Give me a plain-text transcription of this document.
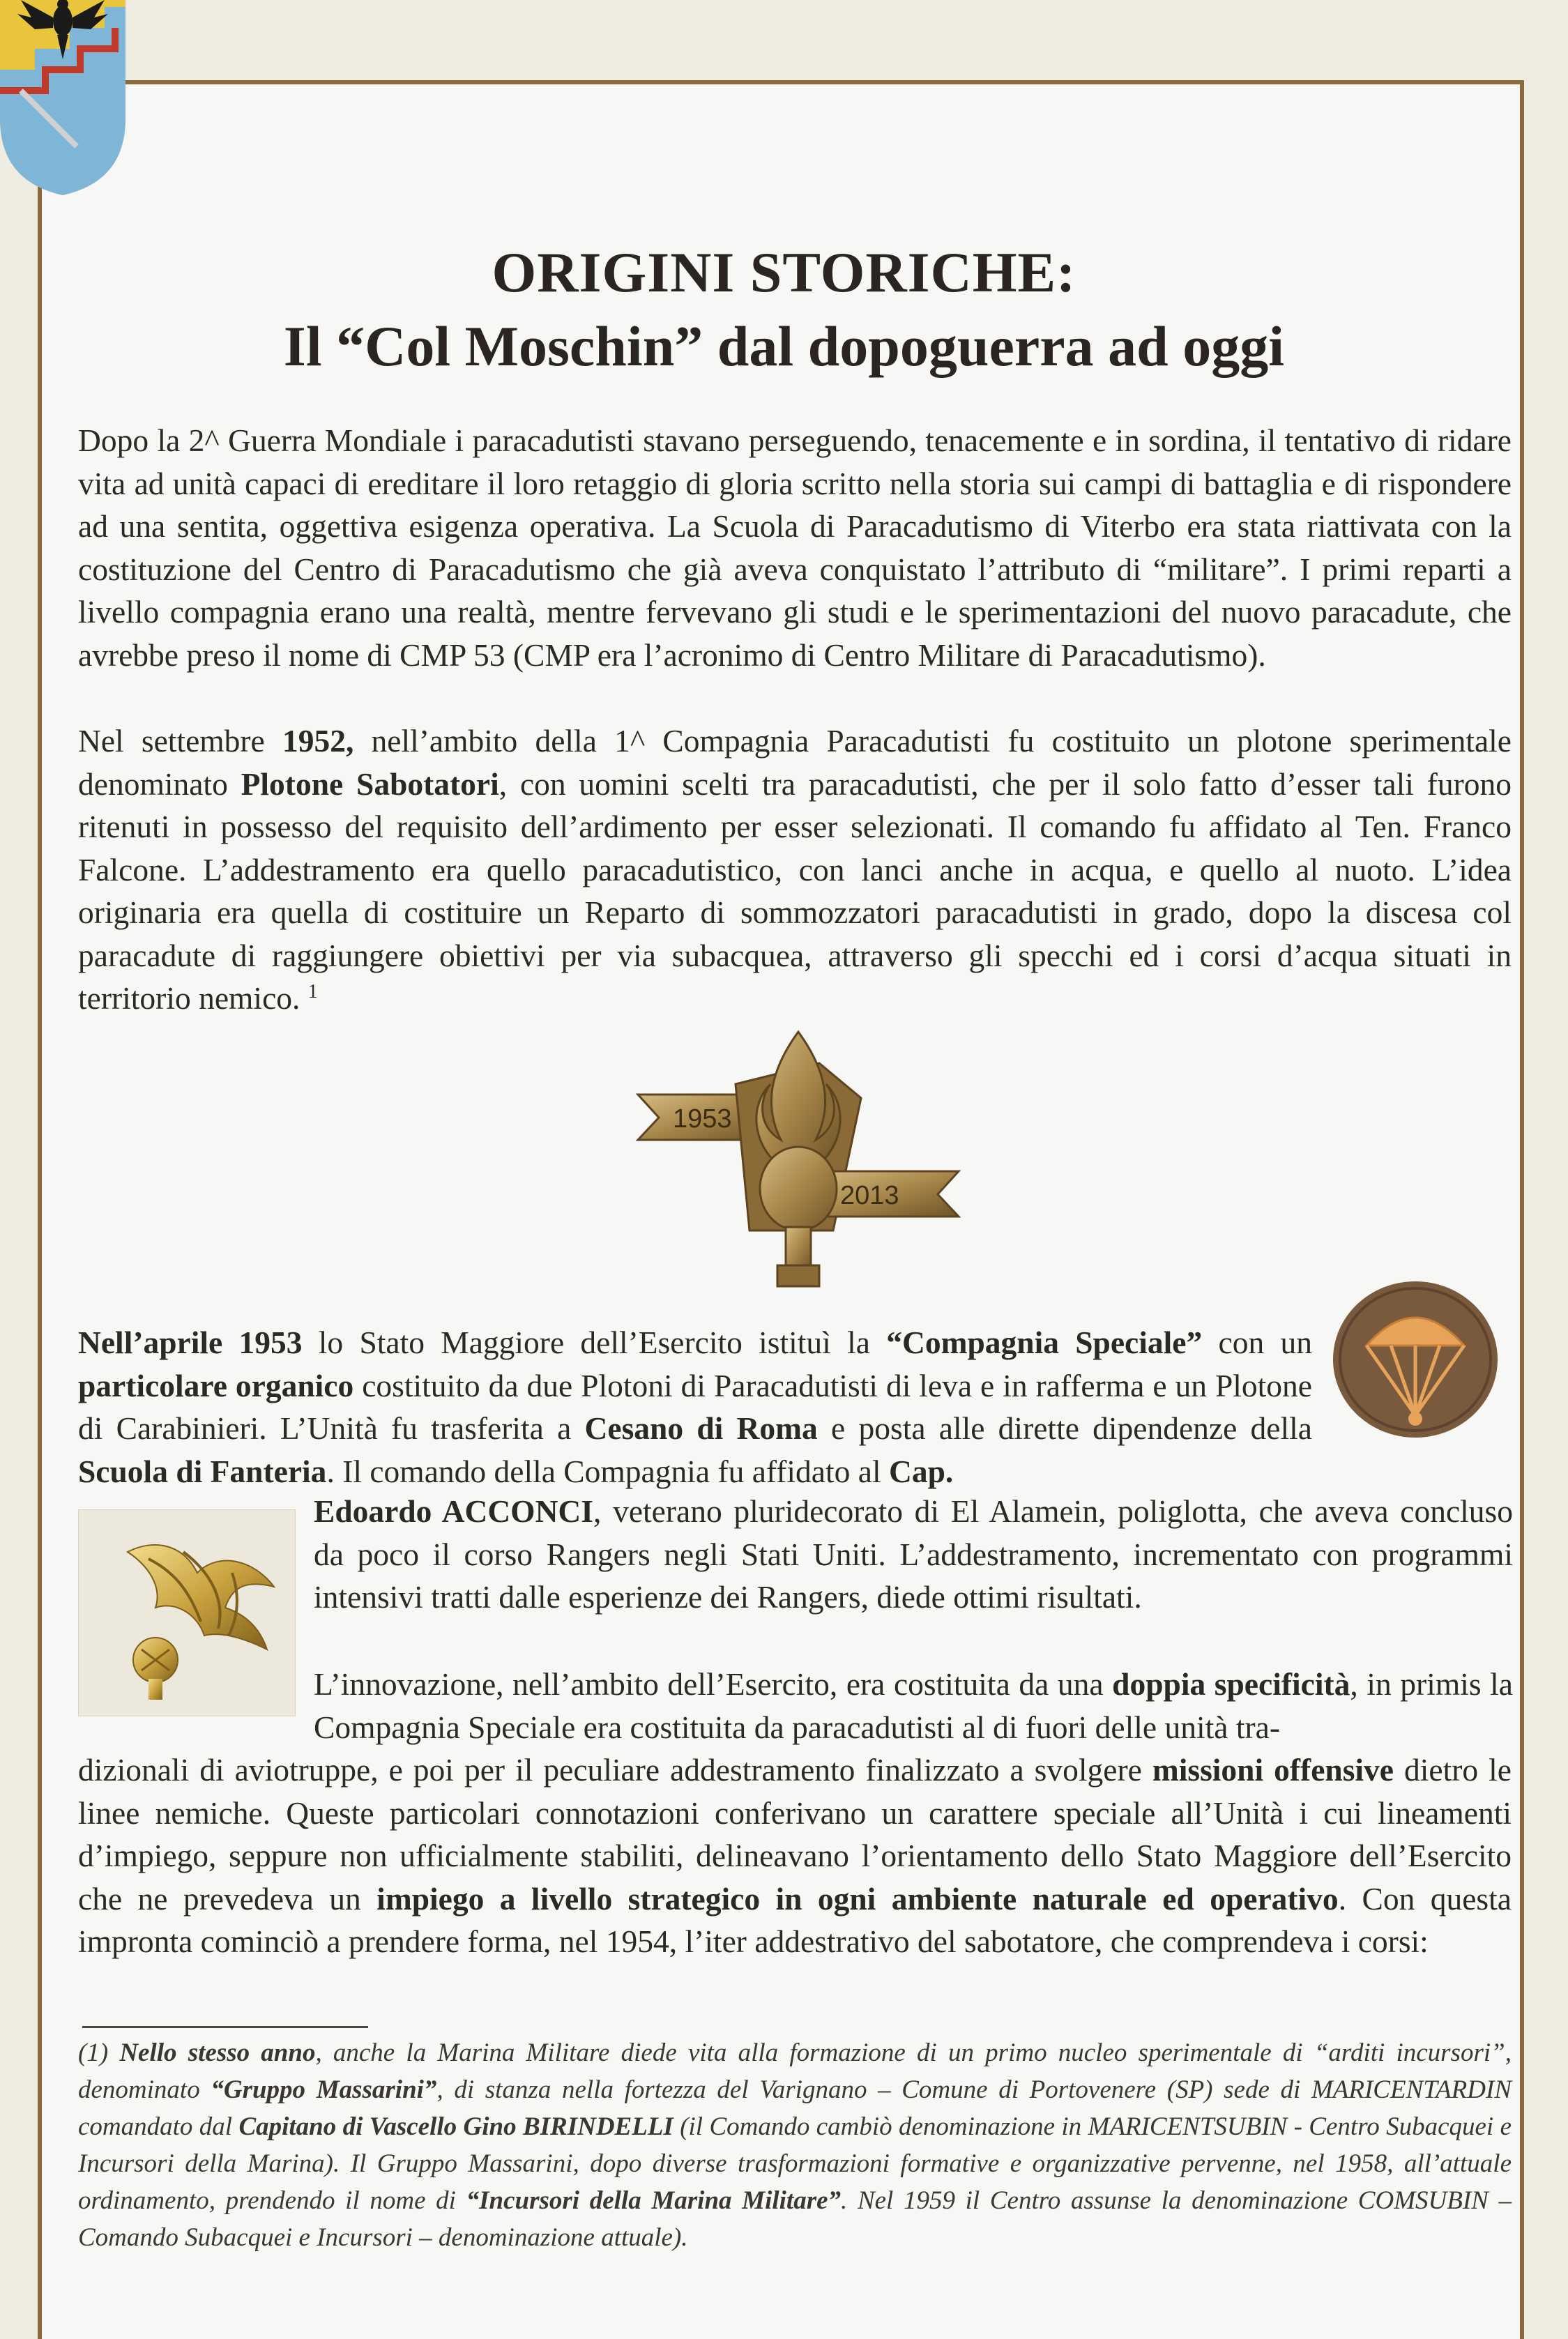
ORIGINI STORICHE:
Il “Col Moschin” dal dopoguerra ad oggi

Dopo la 2^ Guerra Mondiale i paracadutisti stavano perseguendo, tenacemente e in sordina, il tentativo di ridare vita ad unità capaci di ereditare il loro retaggio di gloria scritto nella storia sui campi di battaglia e di rispondere ad una sentita, oggettiva esigenza operativa. La Scuola di Paracadutismo di Viterbo era stata riattivata con la costituzione del Centro di Paracadutismo che già aveva conquistato l’attributo di “militare”. I primi reparti a livello compagnia erano una realtà, mentre fervevano gli studi e le sperimentazioni del nuovo paracadute, che avrebbe preso il nome di CMP 53 (CMP era l’acronimo di Centro Militare di Paracadutismo).

Nel settembre 1952, nell’ambito della 1^ Compagnia Paracadutisti fu costituito un plotone sperimentale denominato Plotone Sabotatori, con uomini scelti tra paracadutisti, che per il solo fatto d’esser tali furono ritenuti in possesso del requisito dell’ardimento per esser selezionati. Il comando fu affidato al Ten. Franco Falcone. L’addestramento era quello paracadutistico, con lanci anche in acqua, e quello al nuoto. L’idea originaria era quella di costituire un Reparto di sommozzatori paracadutisti in grado, dopo la discesa col paracadute di raggiungere obiettivi per via subacquea, attraverso gli specchi ed i corsi d’acqua situati in territorio nemico. $^1$

1953
2013

Nell’aprile 1953 lo Stato Maggiore dell’Esercito istituì la “Compagnia Speciale” con un particolare organico costituito da due Plotoni di Paracadutisti di leva e in rafferma e un Plotone di Carabinieri. L’Unità fu trasferita a Cesano di Roma e posta alle dirette dipendenze della Scuola di Fanteria. Il comando della Compagnia fu affidato al Cap.

Edoardo ACCONCI, veterano pluridecorato di El Alamein, poliglotta, che aveva concluso da poco il corso Rangers negli Stati Uniti. L’addestramento, incrementato con programmi intensivi tratti dalle esperienze dei Rangers, diede ottimi risultati.

L’innovazione, nell’ambito dell’Esercito, era costituita da una doppia specificità, in primis la Compagnia Speciale era costituita da paracadutisti al di fuori delle unità tra-

dizionali di aviotruppe, e poi per il peculiare addestramento finalizzato a svolgere missioni offensive dietro le linee nemiche. Queste particolari connotazioni conferivano un carattere speciale all’Unità i cui lineamenti d’impiego, seppure non ufficialmente stabiliti, delineavano l’orientamento dello Stato Maggiore dell’Esercito che ne prevedeva un impiego a livello strategico in ogni ambiente naturale ed operativo. Con questa impronta cominciò a prendere forma, nel 1954, l’iter addestrativo del sabotatore, che comprendeva i corsi:

(1) Nello stesso anno, anche la Marina Militare diede vita alla formazione di un primo nucleo sperimentale di “arditi incursori”, denominato “Gruppo Massarini”, di stanza nella fortezza del Varignano – Comune di Portovenere (SP) sede di MARICENTARDIN comandato dal Capitano di Vascello Gino BIRINDELLI (il Comando cambiò denominazione in MARICENTSUBIN - Centro Subacquei e Incursori della Marina). Il Gruppo Massarini, dopo diverse trasformazioni formative e organizzative pervenne, nel 1958, all’attuale ordinamento, prendendo il nome di “Incursori della Marina Militare”. Nel 1959 il Centro assunse la denominazione COMSUBIN – Comando Subacquei e Incursori – denominazione attuale).
